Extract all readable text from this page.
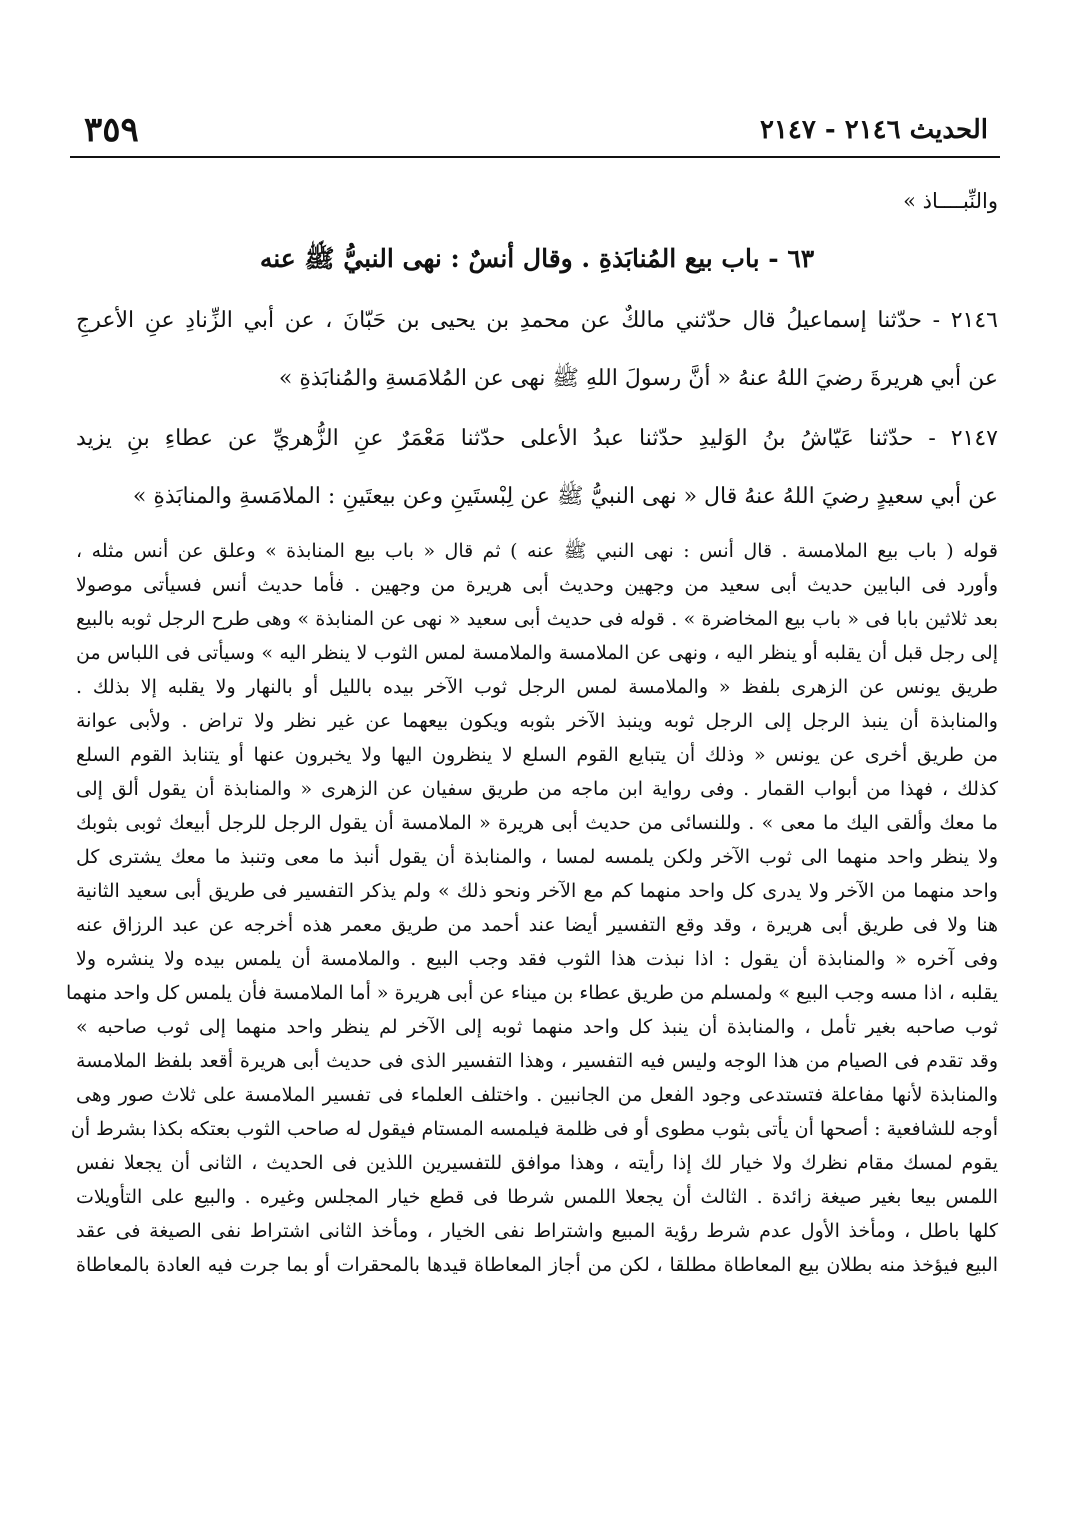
الحديث ٢١٤٦ - ٢١٤٧
٣٥٩
والنِّبــــاذ »
٦٣ - باب بيع المُنابَذةِ . وقال أنسٌ : نهى النبيُّ ﷺ عنه
٢١٤٦ - حدّثنا إسماعيلُ قال حدّثني مالكٌ عن محمدِ بن يحيى بن حَبّانَ ، عن أبي الزِّنادِ عنِ الأعرجِ
عن أبي هريرةَ رضيَ اللهُ عنهُ « أنَّ رسولَ اللهِ ﷺ نهى عن المُلامَسةِ والمُنابَذةِ »
٢١٤٧ - حدّثنا عَيّاشُ بنُ الوَليدِ حدّثنا عبدُ الأعلى حدّثنا مَعْمَرٌ عنِ الزُّهريِّ عن عطاءِ بنِ يزيد
عن أبي سعيدٍ رضيَ اللهُ عنهُ قال « نهى النبيُّ ﷺ عن لِبْستَينِ وعن بيعتَينِ : الملامَسةِ والمنابَذةِ »
قوله ( باب بيع الملامسة . قال أنس : نهى النبي ﷺ عنه ) ثم قال « باب بيع المنابذة » وعلق عن أنس مثله ،
وأورد فى البابين حديث أبى سعيد من وجهين وحديث أبى هريرة من وجهين . فأما حديث أنس فسيأتى موصولا
بعد ثلاثين بابا فى « باب بيع المخاضرة » . قوله فى حديث أبى سعيد « نهى عن المنابذة » وهى طرح الرجل ثوبه بالبيع
إلى رجل قبل أن يقلبه أو ينظر اليه ، ونهى عن الملامسة والملامسة لمس الثوب لا ينظر اليه » وسيأتى فى اللباس من
طريق يونس عن الزهرى بلفظ « والملامسة لمس الرجل ثوب الآخر بيده بالليل أو بالنهار ولا يقلبه إلا بذلك .
والمنابذة أن ينبذ الرجل إلى الرجل ثوبه وينبذ الآخر بثوبه ويكون بيعهما عن غير نظر ولا تراض . ولأبى عوانة
من طريق أخرى عن يونس « وذلك أن يتبايع القوم السلع لا ينظرون اليها ولا يخبرون عنها أو يتنابذ القوم السلع
كذلك ، فهذا من أبواب القمار . وفى رواية ابن ماجه من طريق سفيان عن الزهرى « والمنابذة أن يقول ألق إلى
ما معك وألقى اليك ما معى » . وللنسائى من حديث أبى هريرة « الملامسة أن يقول الرجل للرجل أبيعك ثوبى بثوبك
ولا ينظر واحد منهما الى ثوب الآخر ولكن يلمسه لمسا ، والمنابذة أن يقول أنبذ ما معى وتنبذ ما معك يشترى كل
واحد منهما من الآخر ولا يدرى كل واحد منهما كم مع الآخر ونحو ذلك » ولم يذكر التفسير فى طريق أبى سعيد الثانية
هنا ولا فى طريق أبى هريرة ، وقد وقع التفسير أيضا عند أحمد من طريق معمر هذه أخرجه عن عبد الرزاق عنه
وفى آخره « والمنابذة أن يقول : اذا نبذت هذا الثوب فقد وجب البيع . والملامسة أن يلمس بيده ولا ينشره ولا
يقلبه ، اذا مسه وجب البيع » ولمسلم من طريق عطاء بن ميناء عن أبى هريرة « أما الملامسة فأن يلمس كل واحد منهما
ثوب صاحبه بغير تأمل ، والمنابذة أن ينبذ كل واحد منهما ثوبه إلى الآخر لم ينظر واحد منهما إلى ثوب صاحبه »
وقد تقدم فى الصيام من هذا الوجه وليس فيه التفسير ، وهذا التفسير الذى فى حديث أبى هريرة أقعد بلفظ الملامسة
والمنابذة لأنها مفاعلة فتستدعى وجود الفعل من الجانبين . واختلف العلماء فى تفسير الملامسة على ثلاث صور وهى
أوجه للشافعية : أصحها أن يأتى بثوب مطوى أو فى ظلمة فيلمسه المستام فيقول له صاحب الثوب بعتكه بكذا بشرط أن
يقوم لمسك مقام نظرك ولا خيار لك إذا رأيته ، وهذا موافق للتفسيرين اللذين فى الحديث ، الثانى أن يجعلا نفس
اللمس بيعا بغير صيغة زائدة . الثالث أن يجعلا اللمس شرطا فى قطع خيار المجلس وغيره . والبيع على التأويلات
كلها باطل ، ومأخذ الأول عدم شرط رؤية المبيع واشتراط نفى الخيار ، ومأخذ الثانى اشتراط نفى الصيغة فى عقد
البيع فيؤخذ منه بطلان بيع المعاطاة مطلقا ، لكن من أجاز المعاطاة قيدها بالمحقرات أو بما جرت فيه العادة بالمعاطاة
